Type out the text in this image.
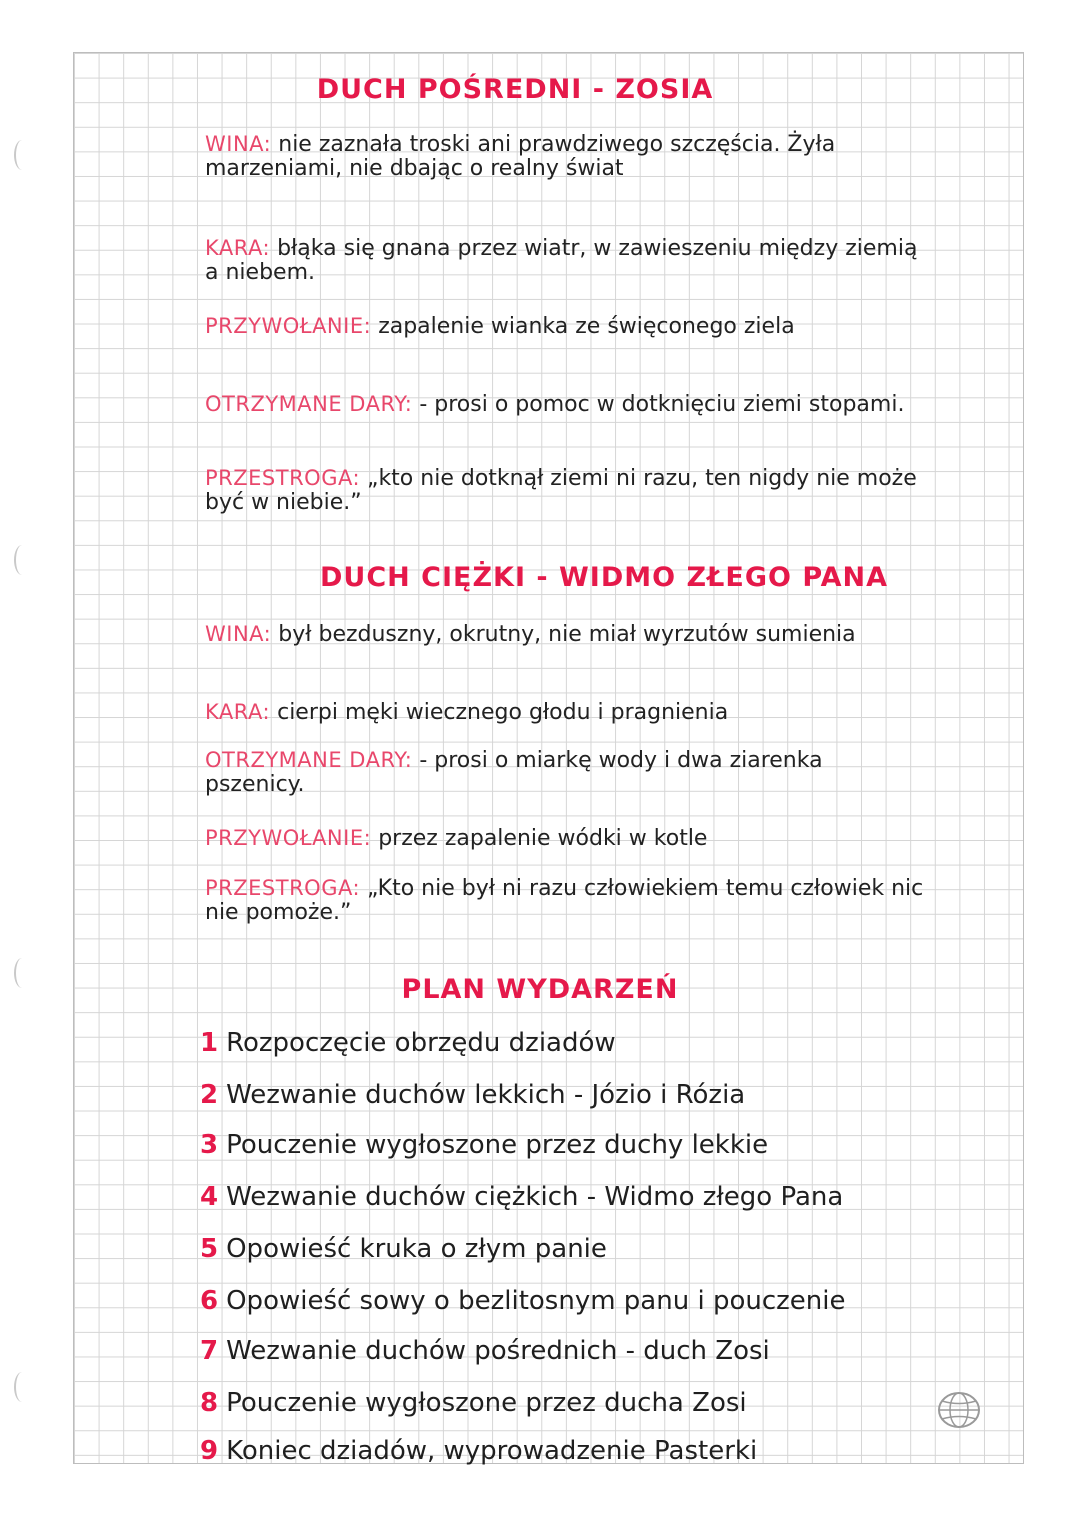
DUCH POŚREDNI - ZOSIA
WINA: nie zaznała troski ani prawdziwego szczęścia. Żyła marzeniami, nie dbając o realny świat
KARA: błąka się gnana przez wiatr, w zawieszeniu między ziemią a niebem.
PRZYWOŁANIE: zapalenie wianka ze święconego ziela
OTRZYMANE DARY: - prosi o pomoc w dotknięciu ziemi stopami.
PRZESTROGA: „kto nie dotknął ziemi ni razu, ten nigdy nie może być w niebie.”
DUCH CIĘŻKI - WIDMO ZŁEGO PANA
WINA: był bezduszny, okrutny, nie miał wyrzutów sumienia
KARA: cierpi męki wiecznego głodu i pragnienia
OTRZYMANE DARY: - prosi o miarkę wody i dwa ziarenka pszenicy.
PRZYWOŁANIE: przez zapalenie wódki w kotle
PRZESTROGA: „Kto nie był ni razu człowiekiem temu człowiek nic nie pomoże.”
PLAN WYDARZEŃ
1 Rozpoczęcie obrzędu dziadów
2 Wezwanie duchów lekkich - Józio i Rózia
3 Pouczenie wygłoszone przez duchy lekkie
4 Wezwanie duchów ciężkich - Widmo złego Pana
5 Opowieść kruka o złym panie
6 Opowieść sowy o bezlitosnym panu i pouczenie
7 Wezwanie duchów pośrednich - duch Zosi
8 Pouczenie wygłoszone przez ducha Zosi
9 Koniec dziadów, wyprowadzenie Pasterki
